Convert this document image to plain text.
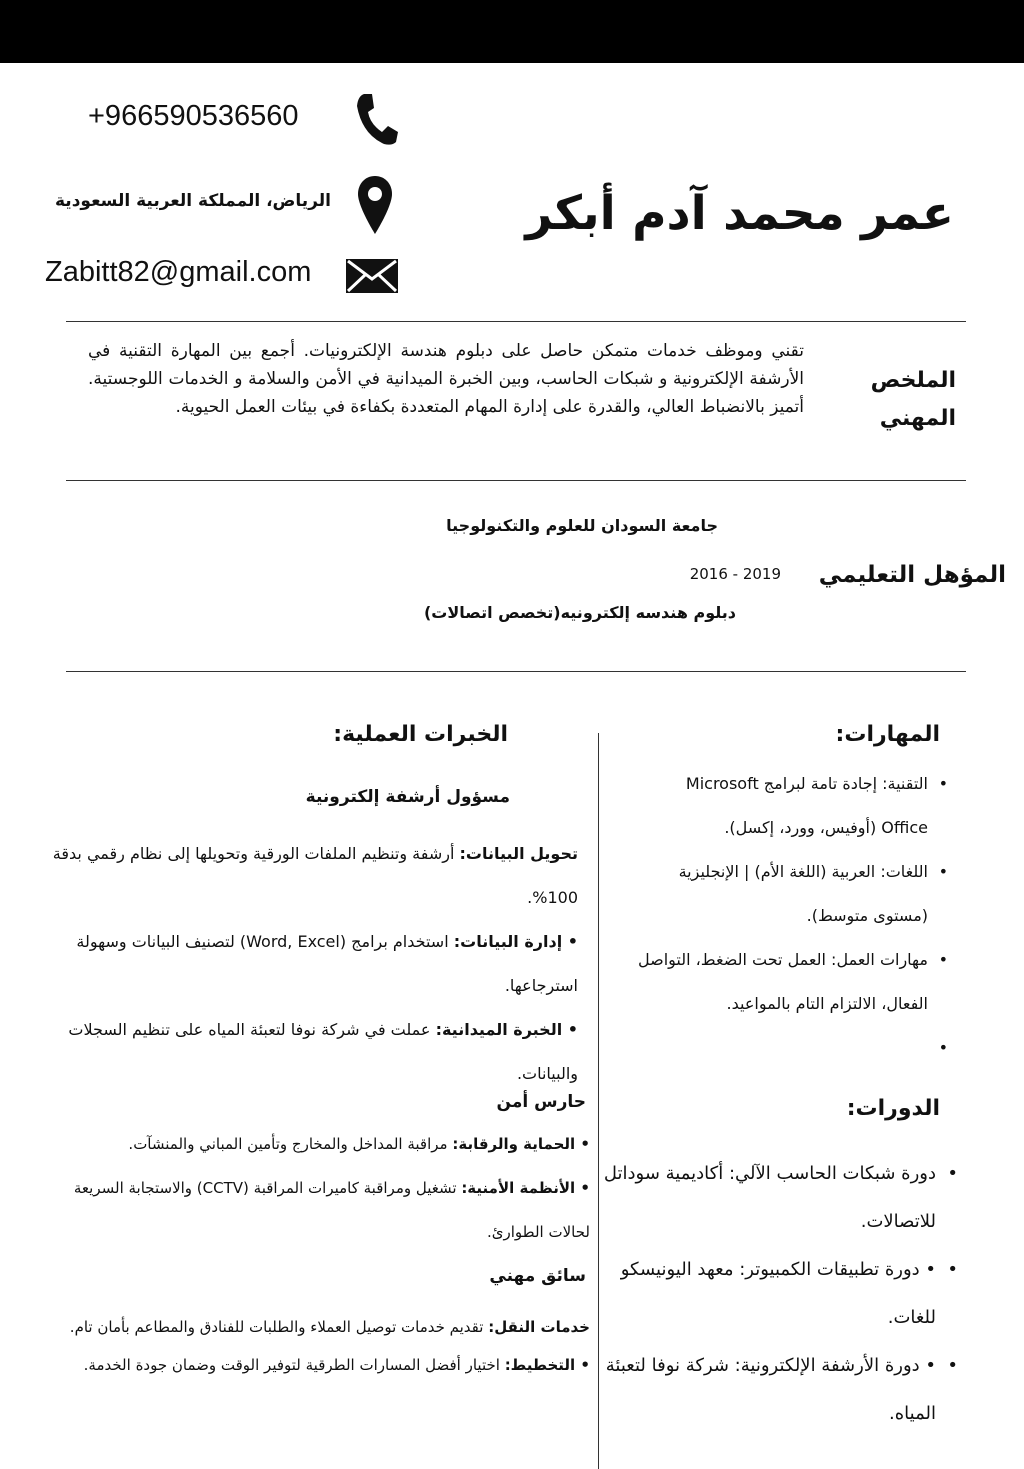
+966590536560
الرياض، المملكة العربية السعودية
Zabitt82@gmail.com
عمر محمد آدم أبكر
الملخص المهني
تقني وموظف خدمات متمكن حاصل على دبلوم هندسة الإلكترونيات. أجمع بين المهارة التقنية في الأرشفة الإلكترونية و شبكات الحاسب، وبين الخبرة الميدانية في الأمن والسلامة و الخدمات اللوجستية. أتميز بالانضباط العالي، والقدرة على إدارة المهام المتعددة بكفاءة في بيئات العمل الحيوية.
جامعة السودان للعلوم والتكنولوجيا
المؤهل التعليمي
2016 - 2019
دبلوم هندسه إلكترونيه(تخصص اتصالات)
المهارات:
• التقنية: إجادة تامة لبرامج Microsoft Office (أوفيس، وورد، إكسل).
• اللغات: العربية (اللغة الأم) | الإنجليزية (مستوى متوسط).
• مهارات العمل: العمل تحت الضغط، التواصل الفعال، الالتزام التام بالمواعيد.
•
الدورات:
• دورة شبكات الحاسب الآلي: أكاديمية سوداتل للاتصالات.
• • دورة تطبيقات الكمبيوتر: معهد اليونيسكو للغات.
• • دورة الأرشفة الإلكترونية: شركة نوفا لتعبئة المياه.
الخبرات العملية:
مسؤول أرشفة إلكترونية
تحويل البيانات: أرشفة وتنظيم الملفات الورقية وتحويلها إلى نظام رقمي بدقة 100%.
• إدارة البيانات: استخدام برامج (Word, Excel) لتصنيف البيانات وسهولة استرجاعها.
• الخبرة الميدانية: عملت في شركة نوفا لتعبئة المياه على تنظيم السجلات والبيانات.
حارس أمن
• الحماية والرقابة: مراقبة المداخل والمخارج وتأمين المباني والمنشآت.
• الأنظمة الأمنية: تشغيل ومراقبة كاميرات المراقبة (CCTV) والاستجابة السريعة لحالات الطوارئ.
سائق مهني
خدمات النقل: تقديم خدمات توصيل العملاء والطلبات للفنادق والمطاعم بأمان تام.
• التخطيط: اختيار أفضل المسارات الطرقية لتوفير الوقت وضمان جودة الخدمة.
